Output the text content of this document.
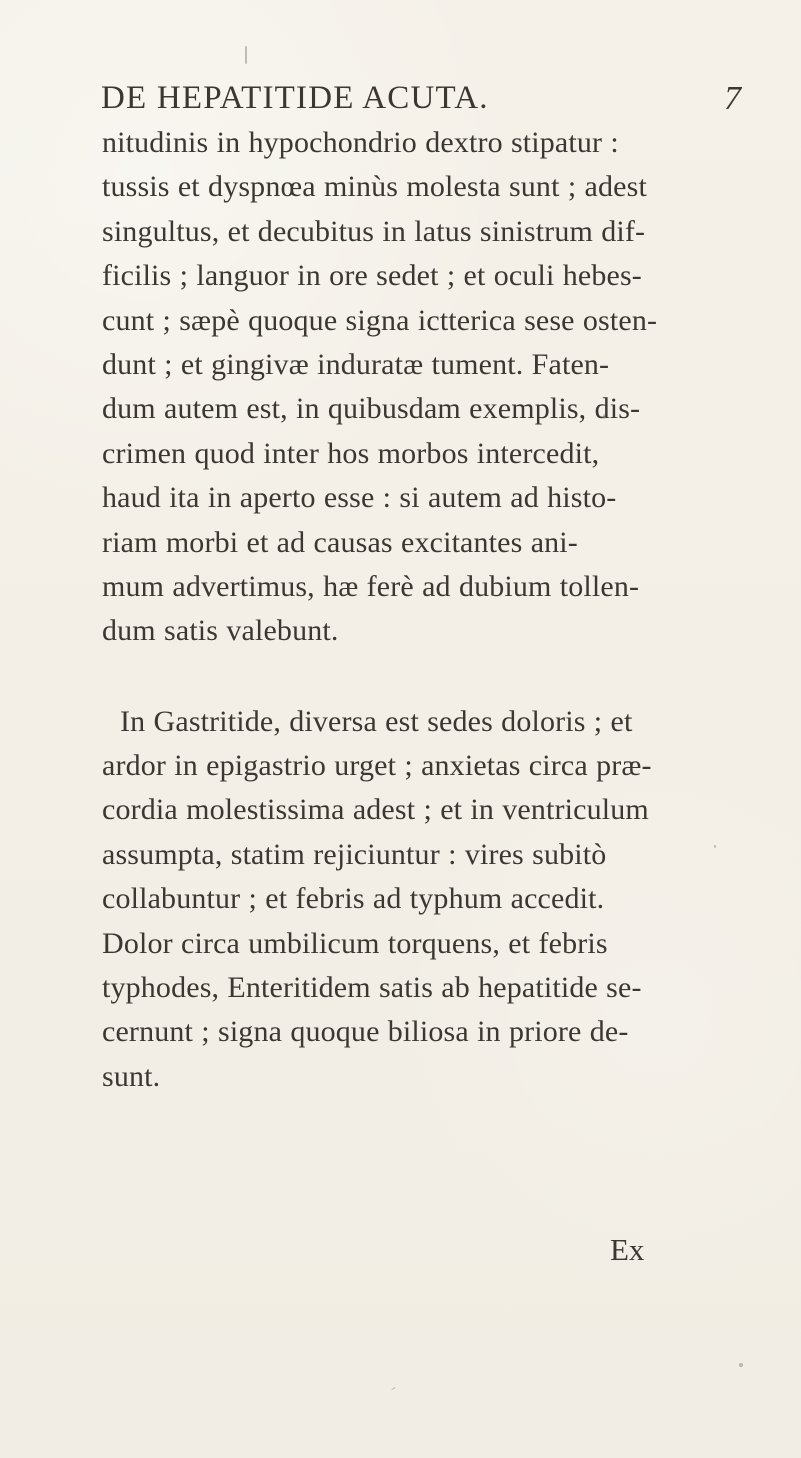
DE HEPATITIDE ACUTA.	7
nitudinis in hypochondrio dextro stipatur :
tussis et dyspnœa minùs molesta sunt ; adest
singultus, et decubitus in latus sinistrum dif-
ficilis ; languor in ore sedet ; et oculi hebes-
cunt ; sæpè quoque signa ictterica sese osten-
dunt ; et gingivæ induratæ tument. Faten-
dum autem est, in quibusdam exemplis, dis-
crimen quod inter hos morbos intercedit,
haud ita in aperto esse : si autem ad histo-
riam morbi et ad causas excitantes ani-
mum advertimus, hæ ferè ad dubium tollen-
dum satis valebunt.
In Gastritide, diversa est sedes doloris ; et
ardor in epigastrio urget ; anxietas circa præ-
cordia molestissima adest ; et in ventriculum
assumpta, statim rejiciuntur : vires subitò
collabuntur ; et febris ad typhum accedit.
Dolor circa umbilicum torquens, et febris
typhodes, Enteritidem satis ab hepatitide se-
cernunt ; signa quoque biliosa in priore de-
sunt.
Ex
